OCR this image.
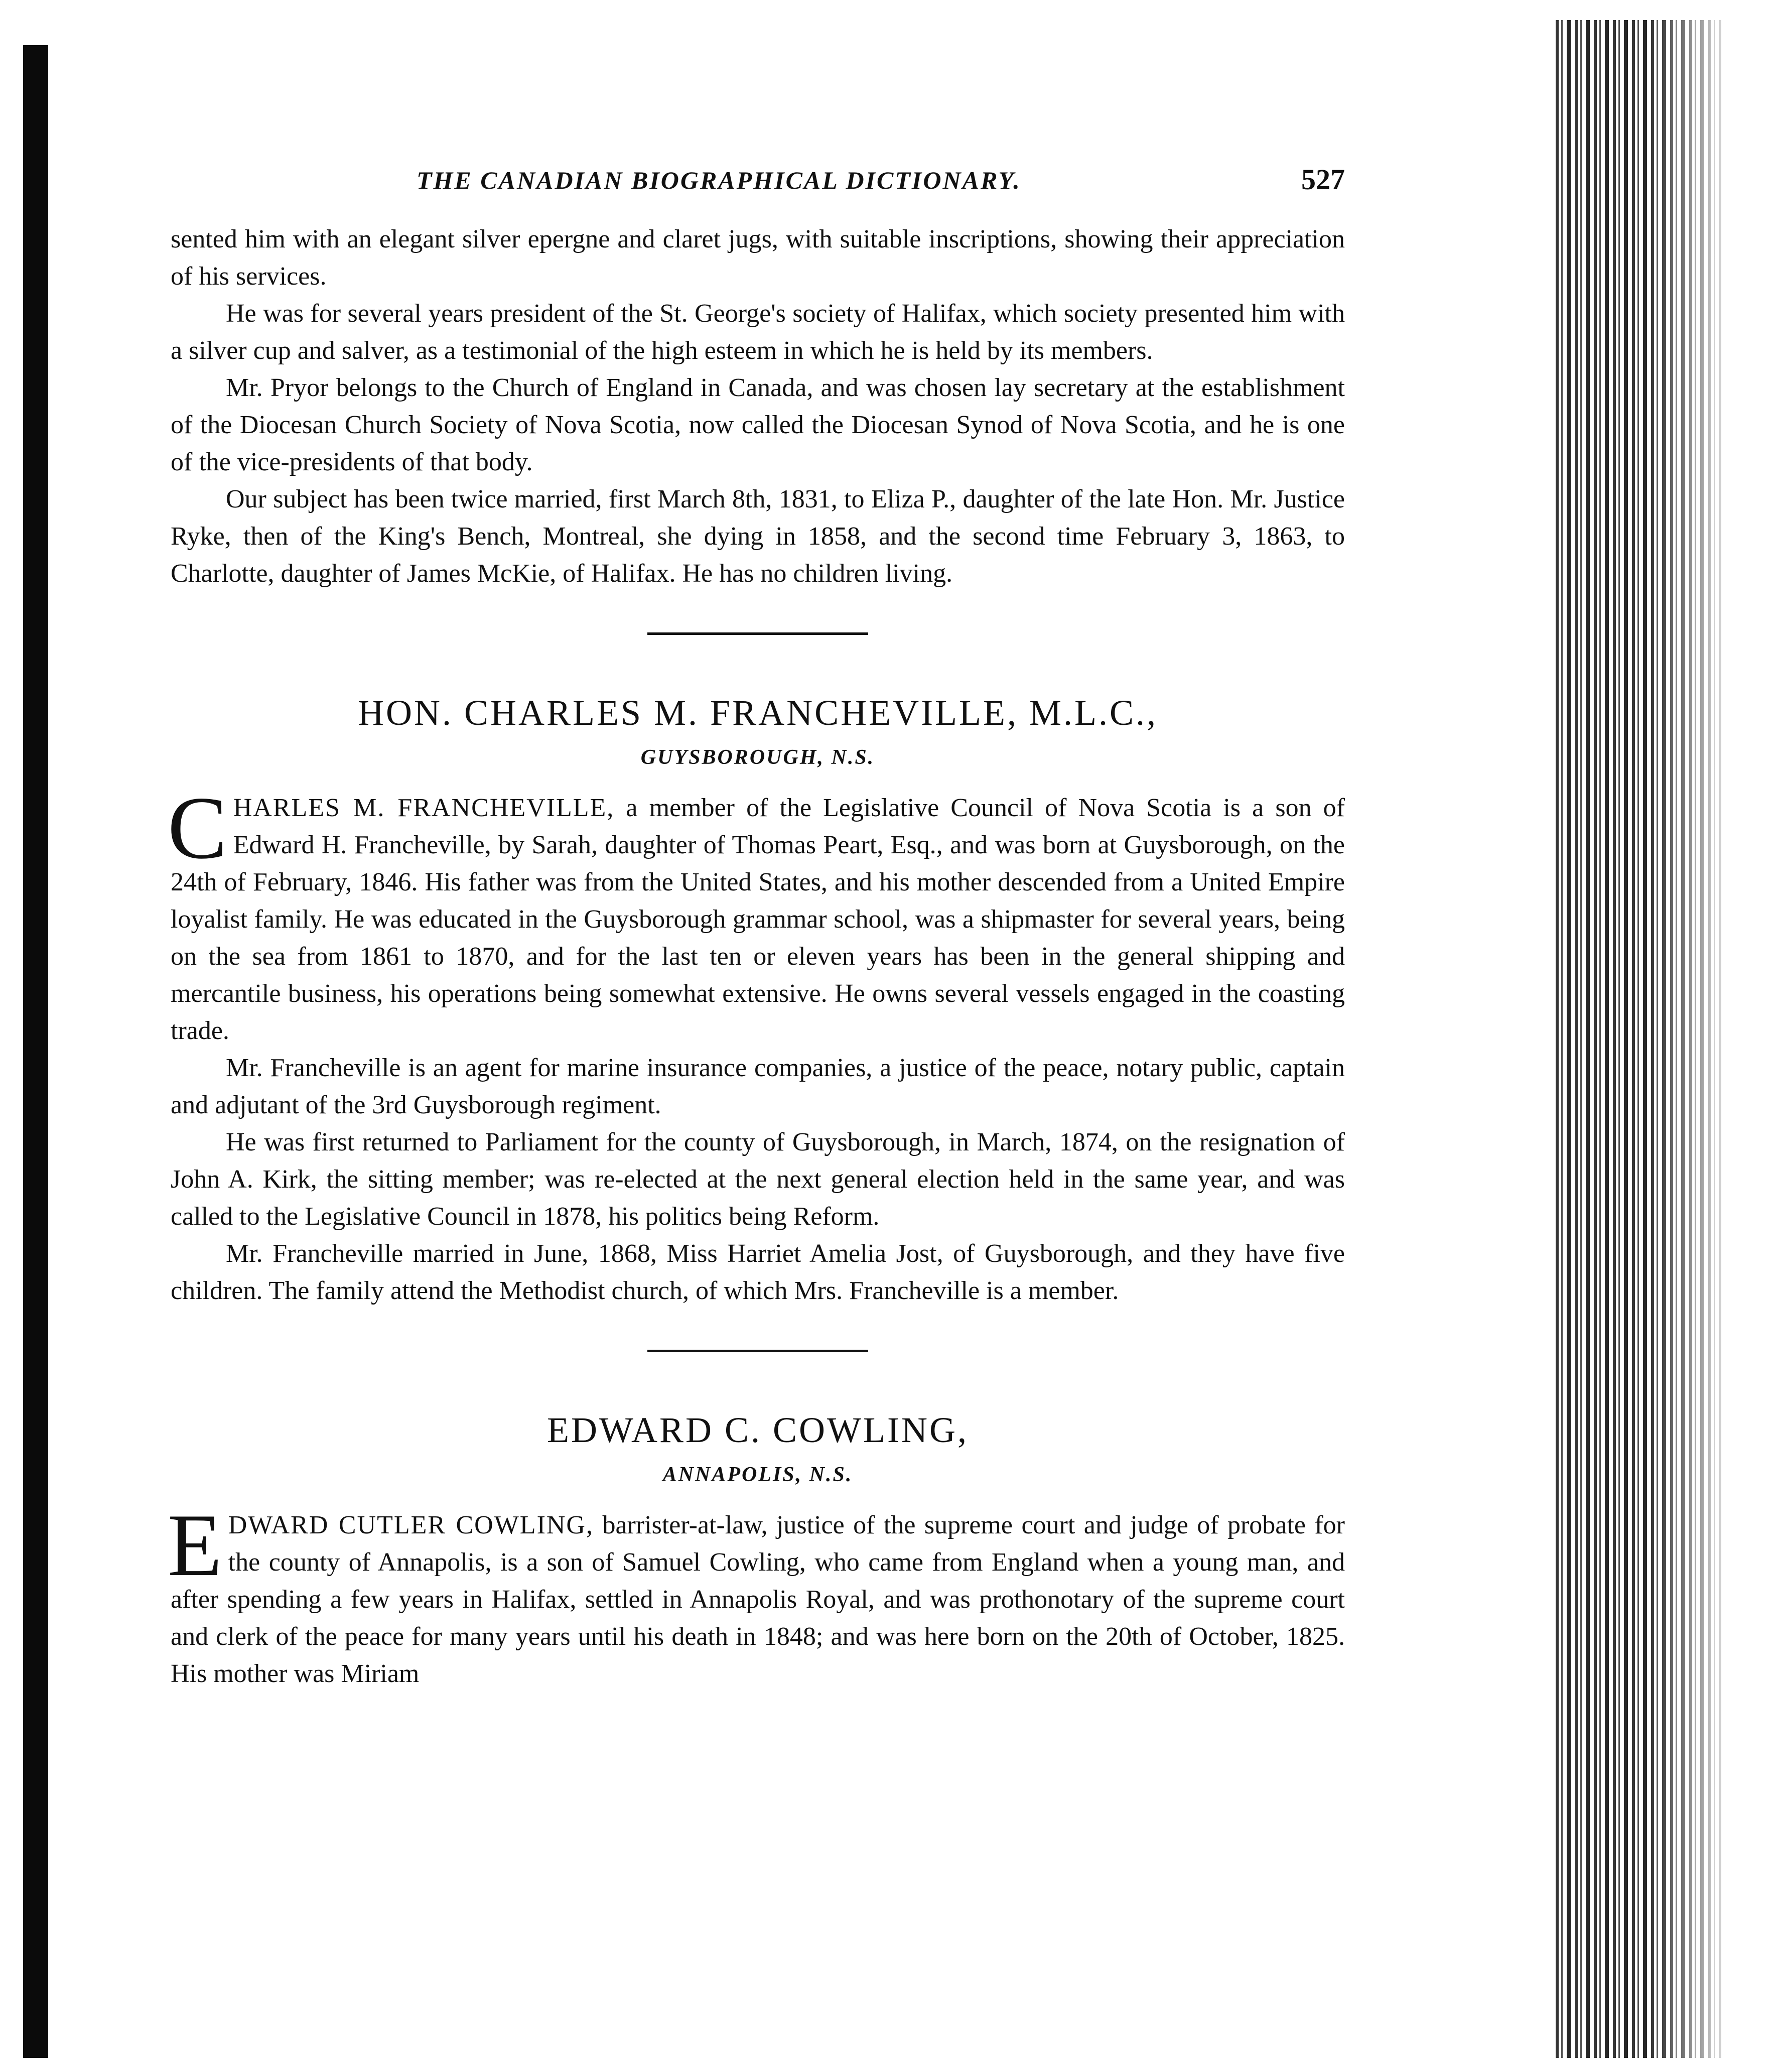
THE CANADIAN BIOGRAPHICAL DICTIONARY.	527

sented him with an elegant silver epergne and claret jugs, with suitable inscriptions, showing their appreciation of his services.

He was for several years president of the St. George's society of Halifax, which society presented him with a silver cup and salver, as a testimonial of the high esteem in which he is held by its members.

Mr. Pryor belongs to the Church of England in Canada, and was chosen lay secretary at the establishment of the Diocesan Church Society of Nova Scotia, now called the Diocesan Synod of Nova Scotia, and he is one of the vice-presidents of that body.

Our subject has been twice married, first March 8th, 1831, to Eliza P., daughter of the late Hon. Mr. Justice Ryke, then of the King's Bench, Montreal, she dying in 1858, and the second time February 3, 1863, to Charlotte, daughter of James McKie, of Halifax. He has no children living.

HON. CHARLES M. FRANCHEVILLE, M.L.C.,
GUYSBOROUGH, N.S.

CHARLES M. FRANCHEVILLE, a member of the Legislative Council of Nova Scotia is a son of Edward H. Francheville, by Sarah, daughter of Thomas Peart, Esq., and was born at Guysborough, on the 24th of February, 1846. His father was from the United States, and his mother descended from a United Empire loyalist family. He was educated in the Guysborough grammar school, was a shipmaster for several years, being on the sea from 1861 to 1870, and for the last ten or eleven years has been in the general shipping and mercantile business, his operations being somewhat extensive. He owns several vessels engaged in the coasting trade.

Mr. Francheville is an agent for marine insurance companies, a justice of the peace, notary public, captain and adjutant of the 3rd Guysborough regiment.

He was first returned to Parliament for the county of Guysborough, in March, 1874, on the resignation of John A. Kirk, the sitting member; was re-elected at the next general election held in the same year, and was called to the Legislative Council in 1878, his politics being Reform.

Mr. Francheville married in June, 1868, Miss Harriet Amelia Jost, of Guysborough, and they have five children. The family attend the Methodist church, of which Mrs. Francheville is a member.

EDWARD C. COWLING,
ANNAPOLIS, N.S.

EDWARD CUTLER COWLING, barrister-at-law, justice of the supreme court and judge of probate for the county of Annapolis, is a son of Samuel Cowling, who came from England when a young man, and after spending a few years in Halifax, settled in Annapolis Royal, and was prothonotary of the supreme court and clerk of the peace for many years until his death in 1848; and was here born on the 20th of October, 1825. His mother was Miriam
